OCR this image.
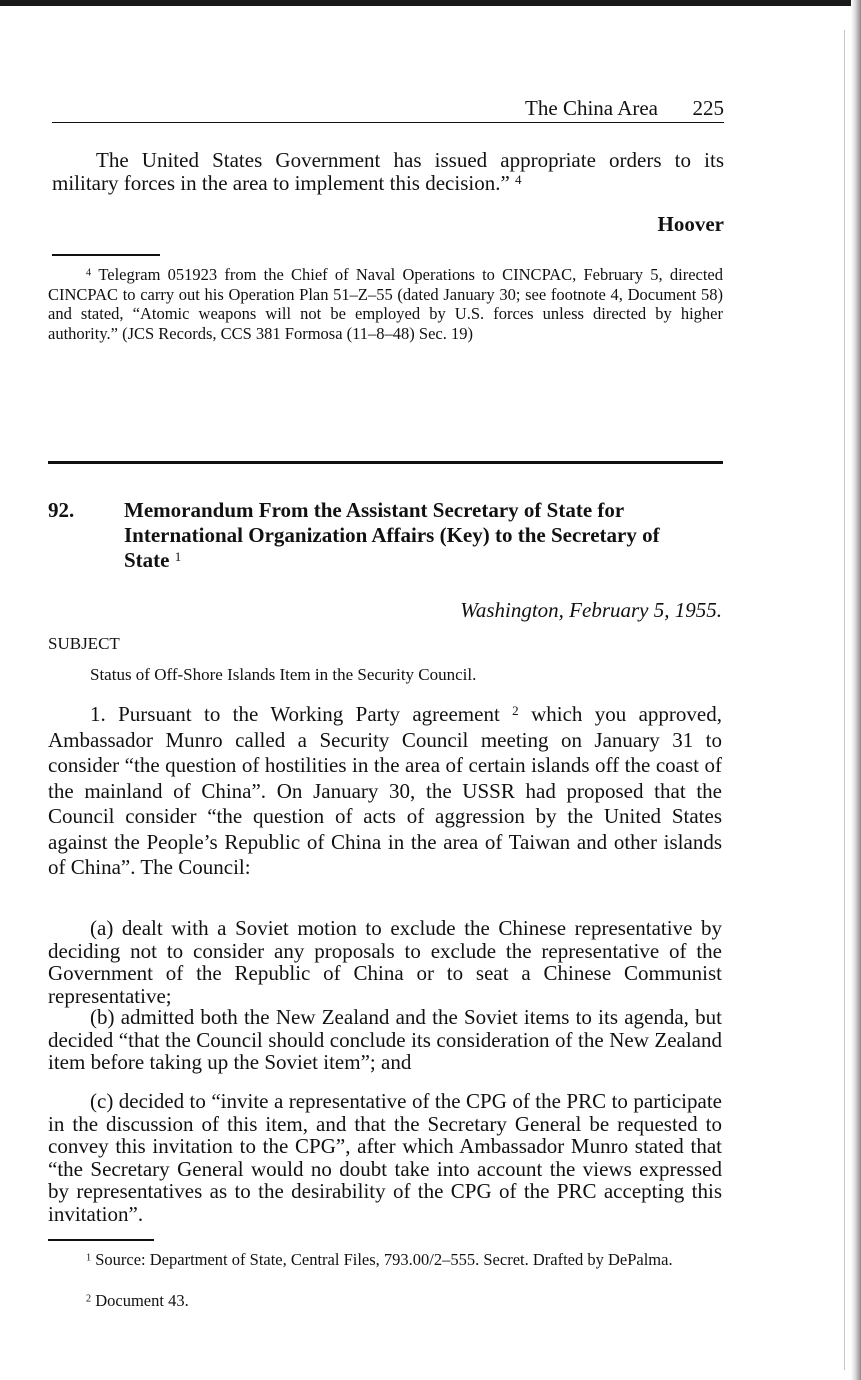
The China Area 225

The United States Government has issued appropriate orders to its military forces in the area to implement this decision.” $^4$

Hoover

$^4$ Telegram 051923 from the Chief of Naval Operations to CINCPAC, February 5, directed CINCPAC to carry out his Operation Plan 51–Z–55 (dated January 30; see footnote 4, Document 58) and stated, “Atomic weapons will not be employed by U.S. forces unless directed by higher authority.” (JCS Records, CCS 381 Formosa (11–8–48) Sec. 19)

92. Memorandum From the Assistant Secretary of State for International Organization Affairs (Key) to the Secretary of State $^1$

Washington, February 5, 1955.
SUBJECT
Status of Off-Shore Islands Item in the Security Council.

1. Pursuant to the Working Party agreement $^2$ which you approved, Ambassador Munro called a Security Council meeting on January 31 to consider “the question of hostilities in the area of certain islands off the coast of the mainland of China”. On January 30, the USSR had proposed that the Council consider “the question of acts of aggression by the United States against the People’s Republic of China in the area of Taiwan and other islands of China”. The Council:

(a) dealt with a Soviet motion to exclude the Chinese representative by deciding not to consider any proposals to exclude the representative of the Government of the Republic of China or to seat a Chinese Communist representative;

(b) admitted both the New Zealand and the Soviet items to its agenda, but decided “that the Council should conclude its consideration of the New Zealand item before taking up the Soviet item”; and

(c) decided to “invite a representative of the CPG of the PRC to participate in the discussion of this item, and that the Secretary General be requested to convey this invitation to the CPG”, after which Ambassador Munro stated that “the Secretary General would no doubt take into account the views expressed by representatives as to the desirability of the CPG of the PRC accepting this invitation”.

$^1$ Source: Department of State, Central Files, 793.00/2–555. Secret. Drafted by DePalma.

$^2$ Document 43.
